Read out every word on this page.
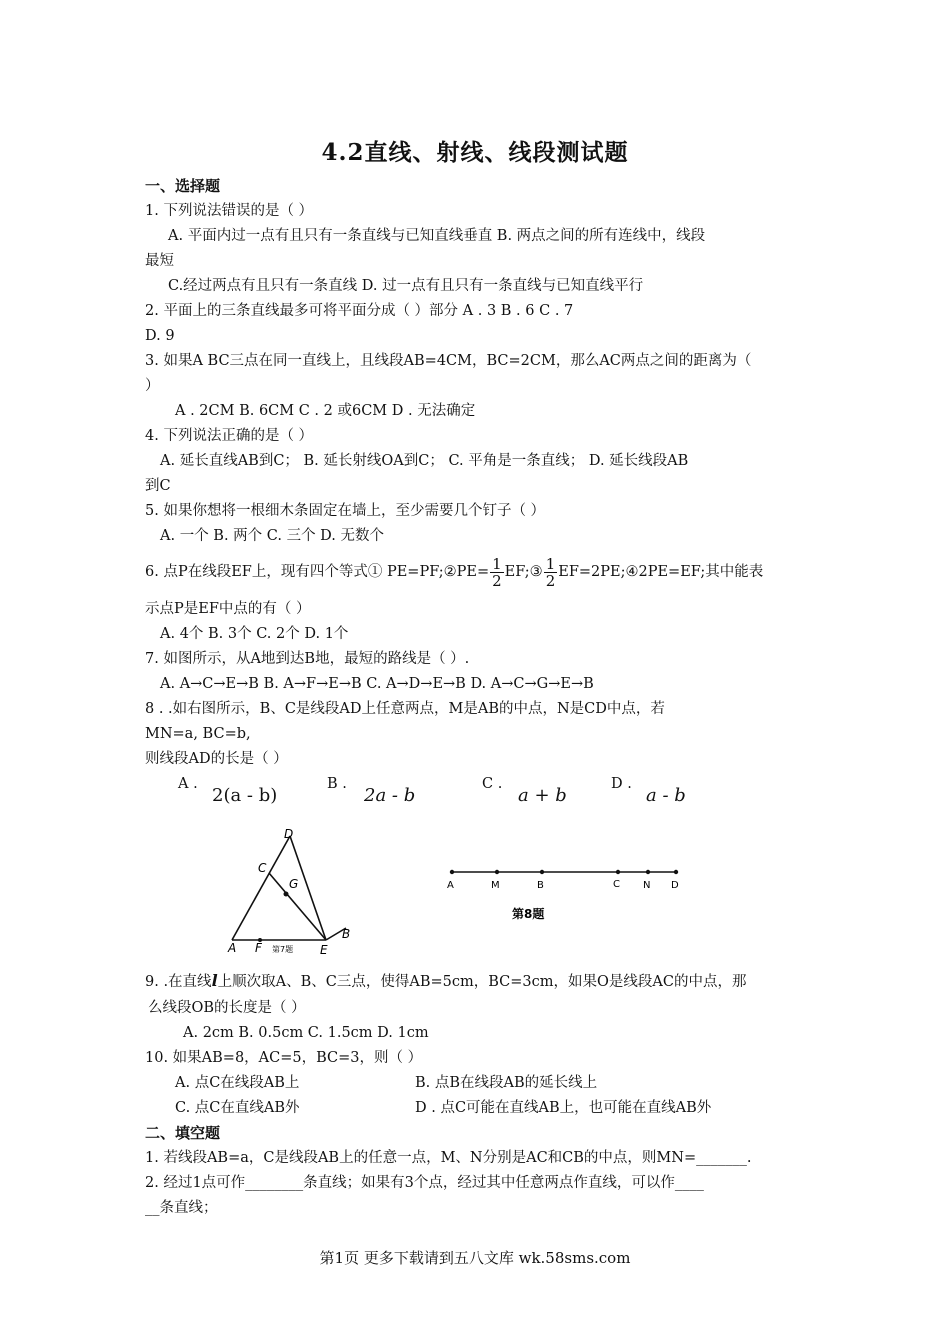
4.2直线、射线、线段测试题
一、选择题
1. 下列说法错误的是（ ）
A. 平面内过一点有且只有一条直线与已知直线垂直 B. 两点之间的所有连线中，线段
最短
C.经过两点有且只有一条直线 D. 过一点有且只有一条直线与已知直线平行
2. 平面上的三条直线最多可将平面分成（ ）部分 A . 3 B . 6 C . 7
D. 9
3. 如果A BC三点在同一直线上，且线段AB=4CM，BC=2CM，那么AC两点之间的距离为（
）
A . 2CM B. 6CM C . 2 或6CM D . 无法确定
4. 下列说法正确的是（ ）
A. 延长直线AB到C； B. 延长射线OA到C； C. 平角是一条直线； D. 延长线段AB
到C
5. 如果你想将一根细木条固定在墙上，至少需要几个钉子（ ）
A. 一个 B. 两个 C. 三个 D. 无数个
6. 点P在线段EF上，现有四个等式① PE=PF;②PE= $\frac{1}{2}$ EF;③ $\frac{1}{2}$ EF=2PE;④2PE=EF;其中能表
示点P是EF中点的有（ ）
A. 4个 B. 3个 C. 2个 D. 1个
7. 如图所示，从A地到达B地，最短的路线是（ ）.
A. A→C→E→B B. A→F→E→B C. A→D→E→B D. A→C→G→E→B
8 . .如右图所示，B、C是线段AD上任意两点，M是AB的中点，N是CD中点，若
MN=a, BC=b,
则线段AD的长是（ ）
A .
2(a - b)
B .
2a - b
C .
a + b
D .
a - b
D
C
G
A F	E
B
第7题
A	M	B	C N D
第8题
9. .在直线l上顺次取A、B、C三点，使得AB=5cm，BC=3cm，如果O是线段AC的中点，那
么线段OB的长度是（ ）
A. 2cm B. 0.5cm C. 1.5cm D. 1cm
10. 如果AB=8，AC=5，BC=3，则（ ）
A. 点C在线段AB上	B. 点B在线段AB的延长线上
C. 点C在直线AB外	D . 点C可能在直线AB上，也可能在直线AB外
二、填空题
1. 若线段AB=a，C是线段AB上的任意一点，M、N分别是AC和CB的中点，则MN=_______.
2. 经过1点可作________条直线；如果有3个点，经过其中任意两点作直线，可以作____
__条直线；
第1页 更多下载请到五八文库 wk.58sms.com
